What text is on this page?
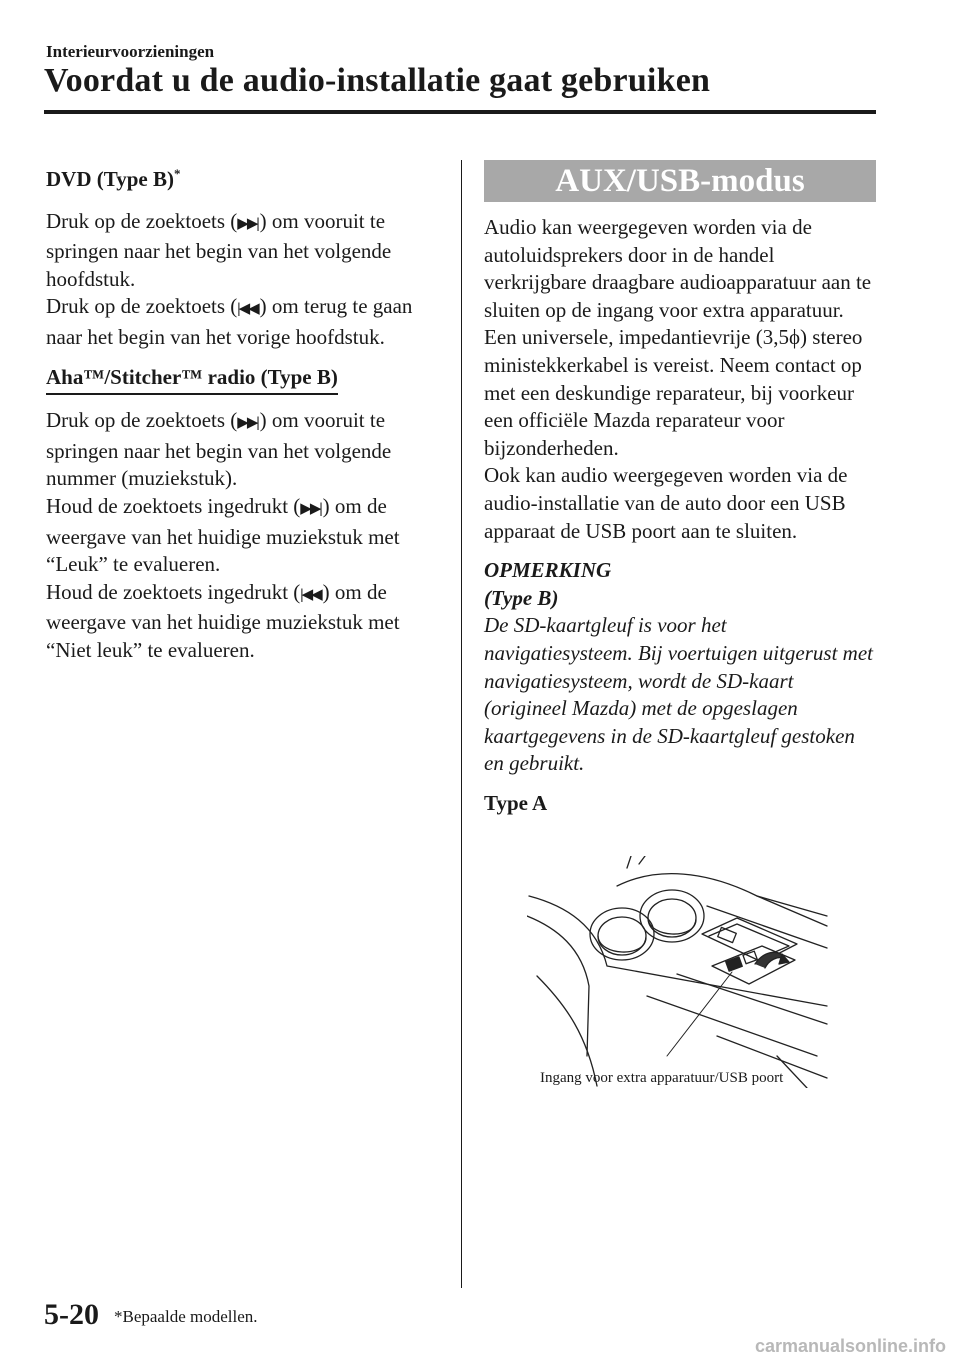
Interieurvoorzieningen
Voordat u de audio-installatie gaat gebruiken
DVD (Type B)*

Druk op de zoektoets (▶▶|) om vooruit te springen naar het begin van het volgende hoofdstuk.

Druk op de zoektoets (|◀◀) om terug te gaan naar het begin van het vorige hoofdstuk.

Aha™/Stitcher™ radio (Type B)

Druk op de zoektoets (▶▶|) om vooruit te springen naar het begin van het volgende nummer (muziekstuk).

Houd de zoektoets ingedrukt (▶▶|) om de weergave van het huidige muziekstuk met “Leuk” te evalueren.

Houd de zoektoets ingedrukt (|◀◀) om de weergave van het huidige muziekstuk met “Niet leuk” te evalueren.

AUX/USB-modus

Audio kan weergegeven worden via de autoluidsprekers door in de handel verkrijgbare draagbare audioapparatuur aan te sluiten op de ingang voor extra apparatuur.

Een universele, impedantievrije (3,5ϕ) stereo ministekkerkabel is vereist. Neem contact op met een deskundige reparateur, bij voorkeur een officiële Mazda reparateur voor bijzonderheden.

Ook kan audio weergegeven worden via de audio-installatie van de auto door een USB apparaat de USB poort aan te sluiten.

OPMERKING

(Type B)

De SD-kaartgleuf is voor het navigatiesysteem. Bij voertuigen uitgerust met navigatiesysteem, wordt de SD-kaart (origineel Mazda) met de opgeslagen kaartgegevens in de SD-kaartgleuf gestoken en gebruikt.

Type A

Ingang voor extra apparatuur/USB poort
5-20 *Bepaalde modellen.
carmanualsonline.info
